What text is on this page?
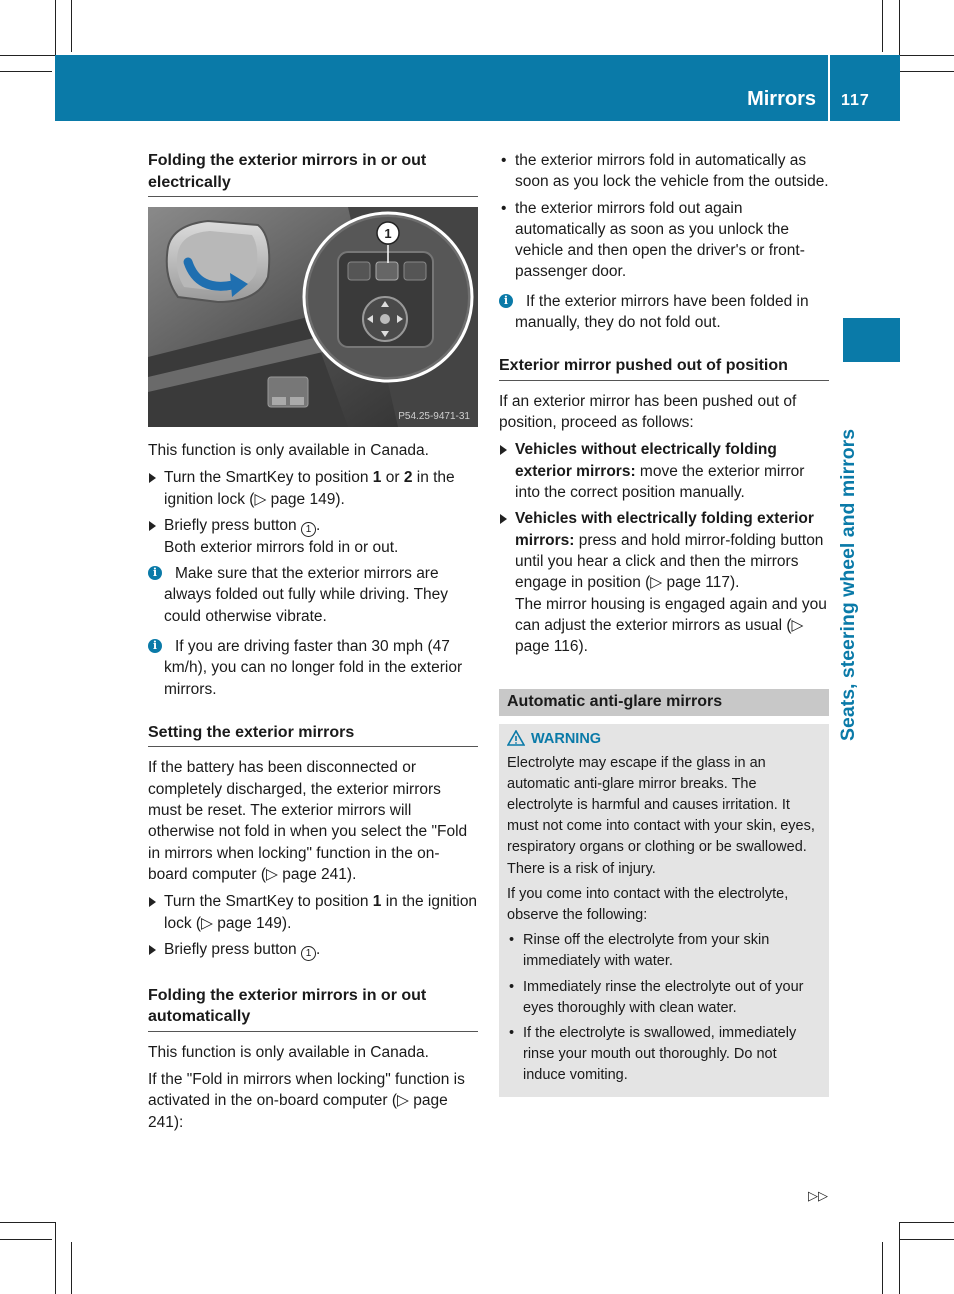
Mirrors 117
Seats, steering wheel and mirrors
Folding the exterior mirrors in or out electrically
1
P54.25-9471-31
This function is only available in Canada.
Turn the SmartKey to position 1 or 2 in the ignition lock (▷ page 149).
Briefly press button 1 .
Both exterior mirrors fold in or out.
i	Make sure that the exterior mirrors are always folded out fully while driving. They could otherwise vibrate.
i	If you are driving faster than 30 mph (47 km/h), you can no longer fold in the exterior mirrors.
Setting the exterior mirrors
If the battery has been disconnected or completely discharged, the exterior mirrors must be reset. The exterior mirrors will otherwise not fold in when you select the "Fold in mirrors when locking" function in the on-board computer (▷ page 241).
Turn the SmartKey to position 1 in the ignition lock (▷ page 149).
Briefly press button 1 .
Folding the exterior mirrors in or out automatically
This function is only available in Canada.
If the "Fold in mirrors when locking" function is activated in the on-board computer (▷ page 241):
• the exterior mirrors fold in automatically as soon as you lock the vehicle from the outside.
• the exterior mirrors fold out again automatically as soon as you unlock the vehicle and then open the driver's or front-passenger door.
i	If the exterior mirrors have been folded in manually, they do not fold out.
Exterior mirror pushed out of position
If an exterior mirror has been pushed out of position, proceed as follows:
Vehicles without electrically folding exterior mirrors: move the exterior mirror into the correct position manually.
Vehicles with electrically folding exterior mirrors: press and hold mirror-folding button until you hear a click and then the mirrors engage in position (▷ page 117).
The mirror housing is engaged again and you can adjust the exterior mirrors as usual (▷ page 116).
Automatic anti-glare mirrors
WARNING
Electrolyte may escape if the glass in an automatic anti-glare mirror breaks. The electrolyte is harmful and causes irritation. It must not come into contact with your skin, eyes, respiratory organs or clothing or be swallowed. There is a risk of injury.
If you come into contact with the electrolyte, observe the following:
• Rinse off the electrolyte from your skin immediately with water.
• Immediately rinse the electrolyte out of your eyes thoroughly with clean water.
• If the electrolyte is swallowed, immediately rinse your mouth out thoroughly. Do not induce vomiting.
▷▷
